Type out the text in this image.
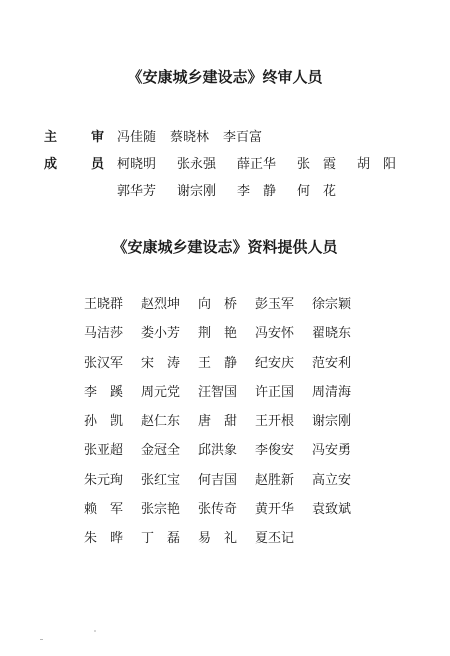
《安康城乡建设志》终审人员
主	审 冯佳随	蔡晓林	李百富
成	员 柯晓明	张永强	薛正华	张　霞	胡　阳
郭华芳	谢宗刚	李　静	何　花
《安康城乡建设志》资料提供人员
王晓群	赵烈坤	向　桥	彭玉军	徐宗颖
马洁莎	娄小芳	荆　艳	冯安怀	翟晓东
张汉军	宋　涛	王　静	纪安庆	范安利
李　蹊	周元党	汪智国	许正国	周清海
孙　凯	赵仁东	唐　甜	王开根	谢宗刚
张亚超	金冠全	邱洪象	李俊安	冯安勇
朱元珣	张红宝	何吉国	赵胜新	高立安
赖　军	张宗艳	张传奇	黄开华	袁致斌
朱　晔	丁　磊	易　礼	夏丕记
